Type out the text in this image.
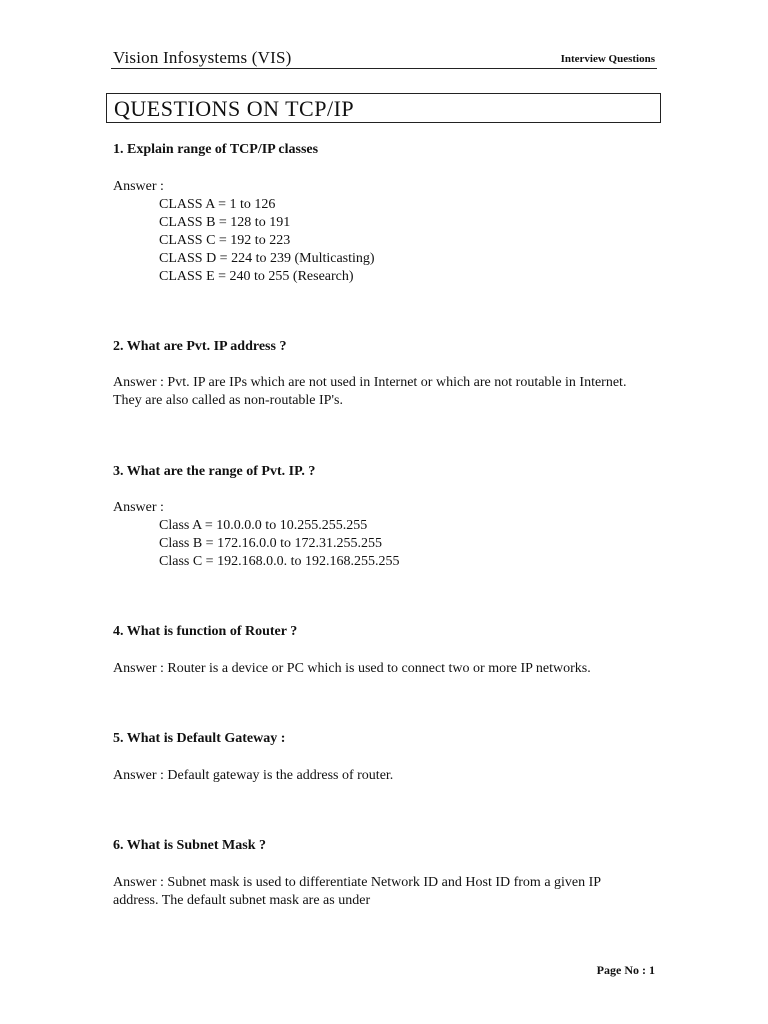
Vision Infosystems (VIS)	Interview Questions
QUESTIONS ON TCP/IP
1. Explain range of TCP/IP classes
Answer :
CLASS A = 1 to 126
CLASS B = 128 to 191
CLASS C = 192 to 223
CLASS D = 224 to 239 (Multicasting)
CLASS E = 240 to 255 (Research)
2. What are Pvt. IP address ?
Answer : Pvt. IP are IPs which are not used in Internet or which are not routable in Internet. They are also called as non-routable IP's.
3. What are the range of Pvt. IP. ?
Answer :
Class A = 10.0.0.0 to 10.255.255.255
Class B = 172.16.0.0 to 172.31.255.255
Class C = 192.168.0.0. to 192.168.255.255
4. What is function of Router ?
Answer : Router is a device or PC which is used to connect two or more IP networks.
5. What is Default Gateway :
Answer : Default gateway is the address of router.
6. What is Subnet Mask ?
Answer : Subnet mask is used to differentiate Network ID and Host ID from a given IP address. The default subnet mask are as under
Page No : 1
